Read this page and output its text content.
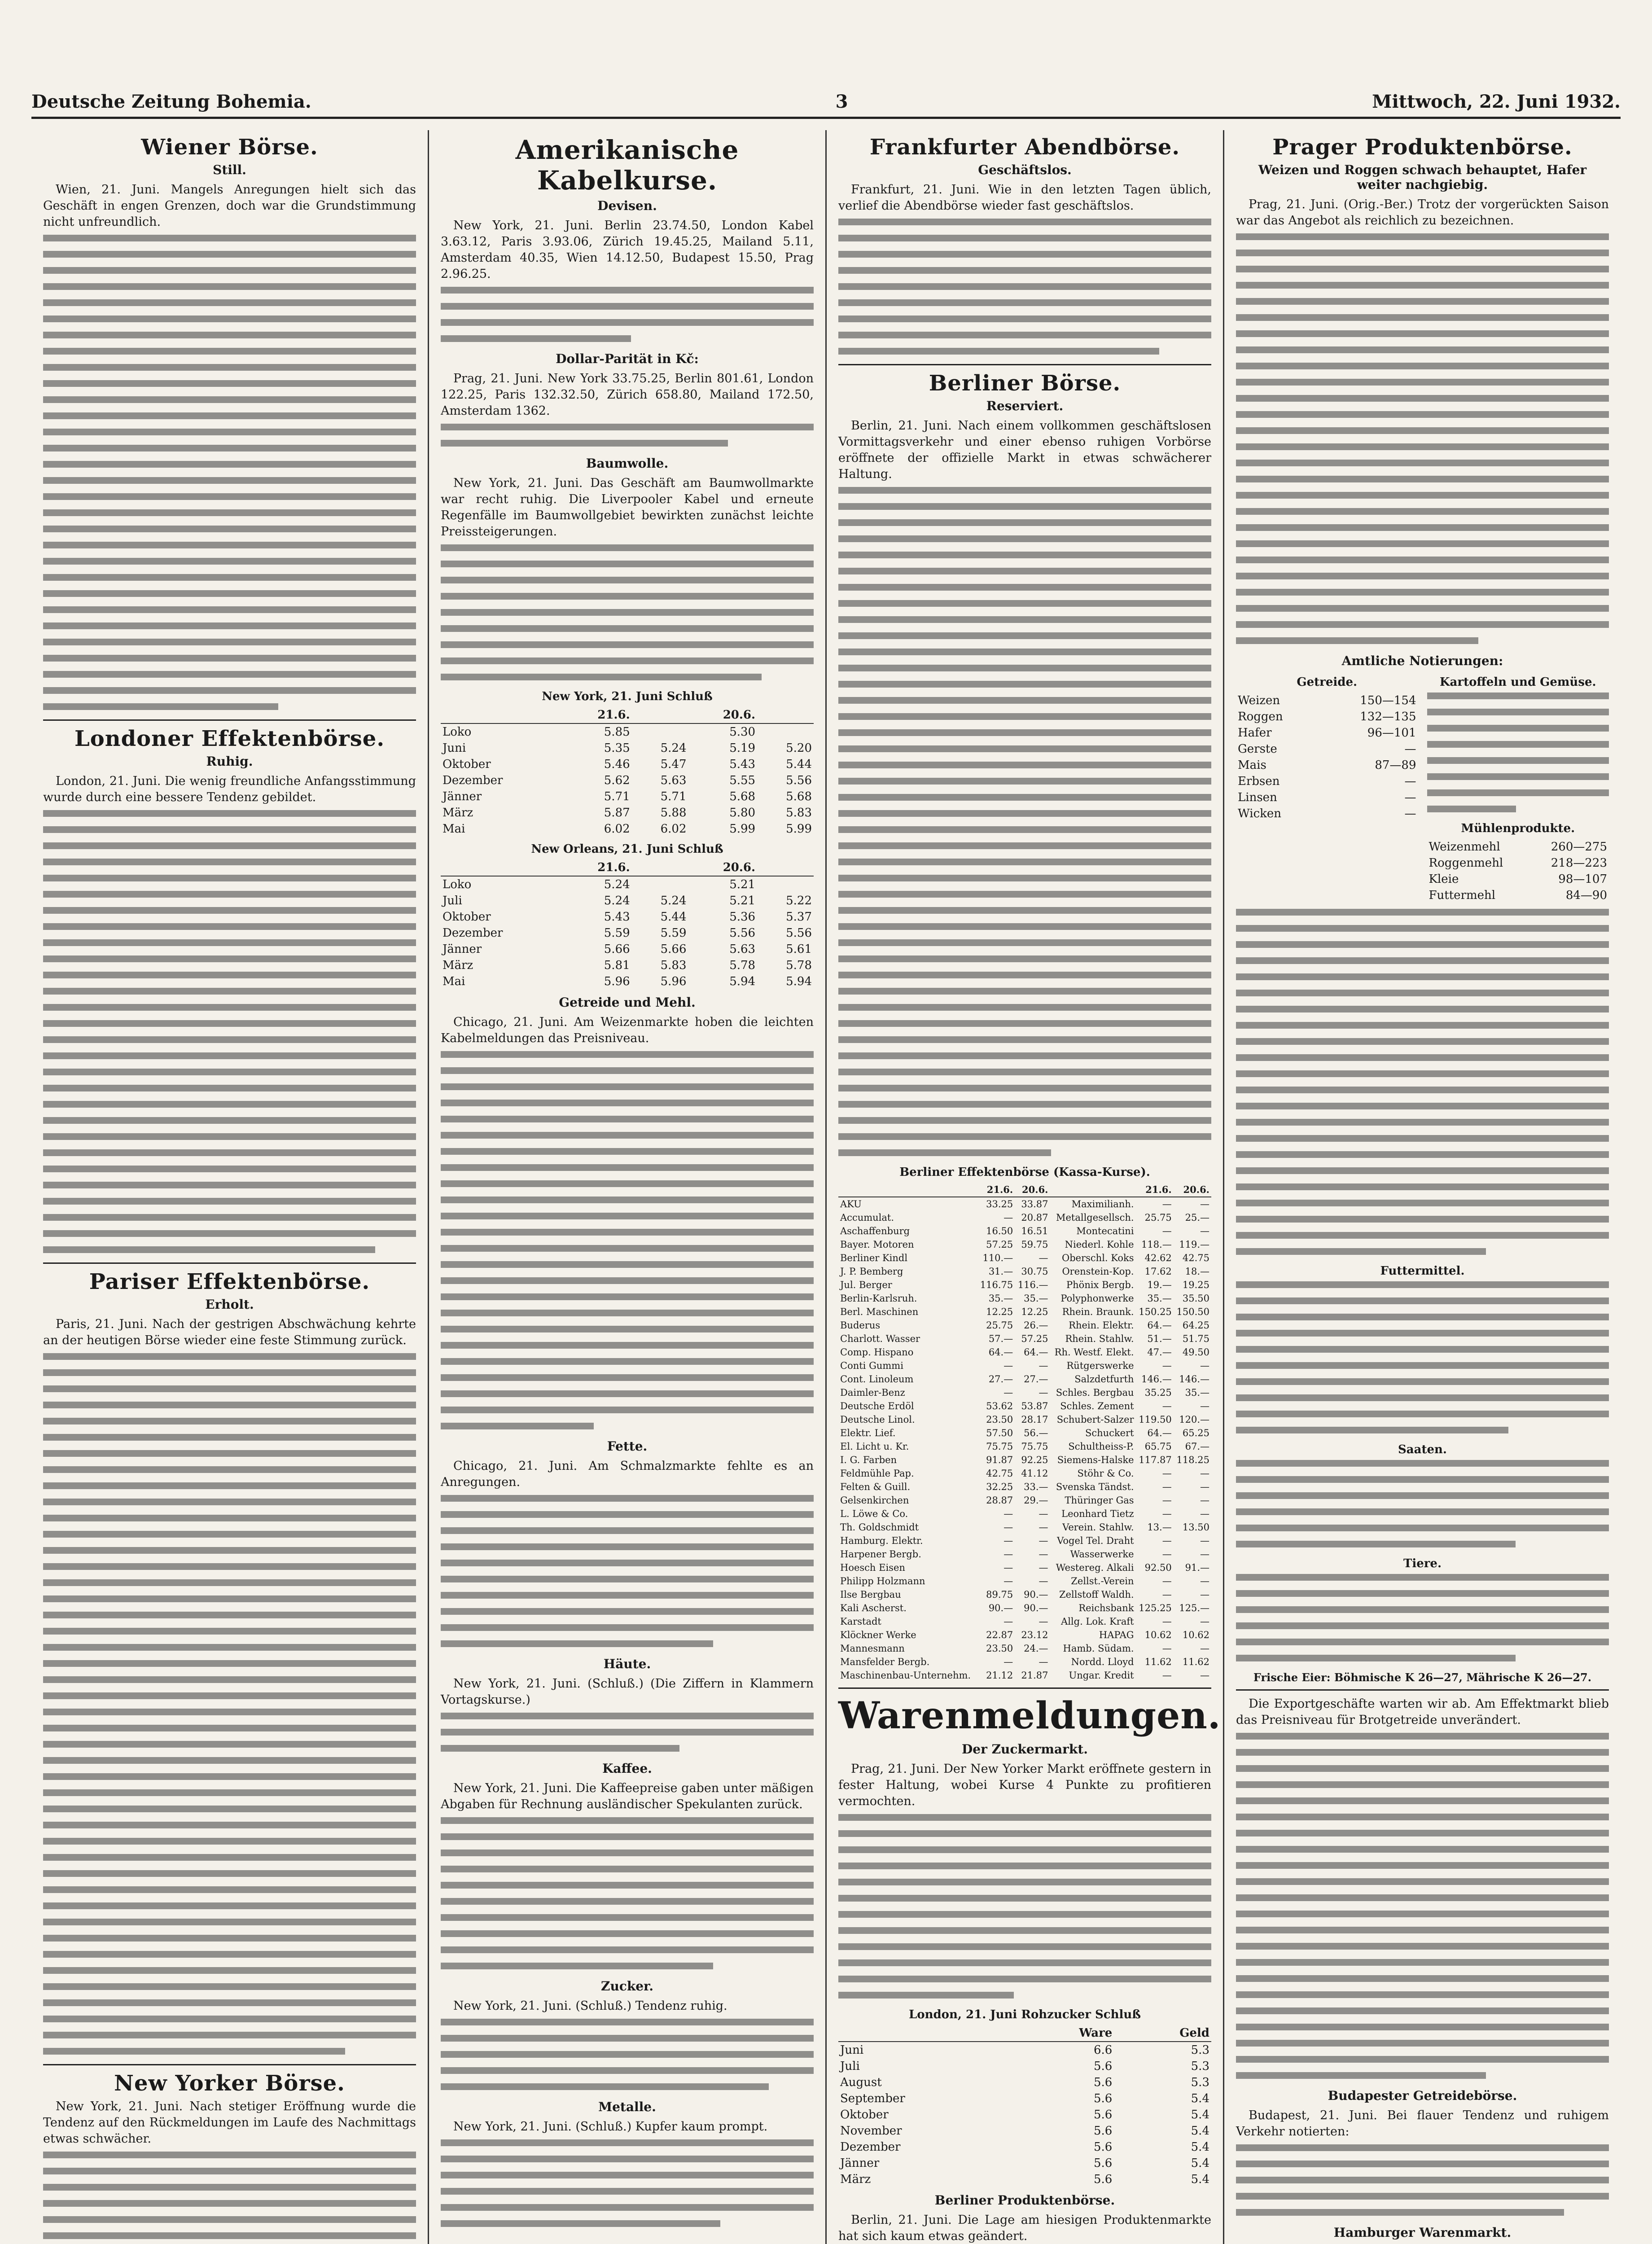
Deutsche Zeitung Bohemia.	3	Mittwoch, 22. Juni 1932.
Wiener Börse.
Still.

Wien, 21. Juni. Mangels Anregungen hielt sich das Geschäft in engen Grenzen, doch war die Grundstimmung nicht unfreundlich.

Londoner Effektenbörse.
Ruhig.

London, 21. Juni. Die wenig freundliche Anfangsstimmung wurde durch eine bessere Tendenz gebildet.

Pariser Effektenbörse.
Erholt.

Paris, 21. Juni. Nach der gestrigen Abschwächung kehrte an der heutigen Börse wieder eine feste Stimmung zurück.

New Yorker Börse.

New York, 21. Juni. Nach stetiger Eröffnung wurde die Tendenz auf den Rückmeldungen im Laufe des Nachmittags etwas schwächer.

Amerikanische Kabelkurse.
Devisen.

New York, 21. Juni. Berlin 23.74.50, London Kabel 3.63.12, Paris 3.93.06, Zürich 19.45.25, Mailand 5.11, Amsterdam 40.35, Wien 14.12.50, Budapest 15.50, Prag 2.96.25.

Dollar-Parität in Kč:

Prag, 21. Juni. New York 33.75.25, Berlin 801.61, London 122.25, Paris 132.32.50, Zürich 658.80, Mailand 172.50, Amsterdam 1362.

Baumwolle.

New York, 21. Juni. Das Geschäft am Baumwollmarkte war recht ruhig. Die Liverpooler Kabel und erneute Regenfälle im Baumwollgebiet bewirkten zunächst leichte Preissteigerungen.

New York, 21. Juni Schluß
	21.6.		20.6.	
Loko	5.85		5.30	
Juni	5.35	5.24	5.19	5.20
Oktober	5.46	5.47	5.43	5.44
Dezember	5.62	5.63	5.55	5.56
Jänner	5.71	5.71	5.68	5.68
März	5.87	5.88	5.80	5.83
Mai	6.02	6.02	5.99	5.99
New Orleans, 21. Juni Schluß
	21.6.		20.6.	
Loko	5.24		5.21	
Juli	5.24	5.24	5.21	5.22
Oktober	5.43	5.44	5.36	5.37
Dezember	5.59	5.59	5.56	5.56
Jänner	5.66	5.66	5.63	5.61
März	5.81	5.83	5.78	5.78
Mai	5.96	5.96	5.94	5.94
Getreide und Mehl.

Chicago, 21. Juni. Am Weizenmarkte hoben die leichten Kabelmeldungen das Preisniveau.

Fette.

Chicago, 21. Juni. Am Schmalzmarkte fehlte es an Anregungen.

Häute.

New York, 21. Juni. (Schluß.) (Die Ziffern in Klammern Vortagskurse.)

Kaffee.

New York, 21. Juni. Die Kaffeepreise gaben unter mäßigen Abgaben für Rechnung ausländischer Spekulanten zurück.

Zucker.

New York, 21. Juni. (Schluß.) Tendenz ruhig.

Metalle.

New York, 21. Juni. (Schluß.) Kupfer kaum prompt.

Frankfurter Abendbörse.
Geschäftslos.

Frankfurt, 21. Juni. Wie in den letzten Tagen üblich, verlief die Abendbörse wieder fast geschäftslos.

Berliner Börse.
Reserviert.

Berlin, 21. Juni. Nach einem vollkommen geschäftslosen Vormittagsverkehr und einer ebenso ruhigen Vorbörse eröffnete der offizielle Markt in etwas schwächerer Haltung.

Berliner Effektenbörse (Kassa-Kurse).
	21.6.	20.6.		21.6.	20.6.
AKU	33.25	33.87	Maximilianh.	—	—
Accumulat.	—	20.87	Metallgesellsch.	25.75	25.—
Aschaffenburg	16.50	16.51	Montecatini	—	—
Bayer. Motoren	57.25	59.75	Niederl. Kohle	118.—	119.—
Berliner Kindl	110.—	—	Oberschl. Koks	42.62	42.75
J. P. Bemberg	31.—	30.75	Orenstein-Kop.	17.62	18.—
Jul. Berger	116.75	116.—	Phönix Bergb.	19.—	19.25
Berlin-Karlsruh.	35.—	35.—	Polyphonwerke	35.—	35.50
Berl. Maschinen	12.25	12.25	Rhein. Braunk.	150.25	150.50
Buderus	25.75	26.—	Rhein. Elektr.	64.—	64.25
Charlott. Wasser	57.—	57.25	Rhein. Stahlw.	51.—	51.75
Comp. Hispano	64.—	64.—	Rh. Westf. Elekt.	47.—	49.50
Conti Gummi	—	—	Rütgerswerke	—	—
Cont. Linoleum	27.—	27.—	Salzdetfurth	146.—	146.—
Daimler-Benz	—	—	Schles. Bergbau	35.25	35.—
Deutsche Erdöl	53.62	53.87	Schles. Zement	—	—
Deutsche Linol.	23.50	28.17	Schubert-Salzer	119.50	120.—
Elektr. Lief.	57.50	56.—	Schuckert	64.—	65.25
El. Licht u. Kr.	75.75	75.75	Schultheiss-P.	65.75	67.—
I. G. Farben	91.87	92.25	Siemens-Halske	117.87	118.25
Feldmühle Pap.	42.75	41.12	Stöhr & Co.	—	—
Felten & Guill.	32.25	33.—	Svenska Tändst.	—	—
Gelsenkirchen	28.87	29.—	Thüringer Gas	—	—
L. Löwe & Co.	—	—	Leonhard Tietz	—	—
Th. Goldschmidt	—	—	Verein. Stahlw.	13.—	13.50
Hamburg. Elektr.	—	—	Vogel Tel. Draht	—	—
Harpener Bergb.	—	—	Wasserwerke	—	—
Hoesch Eisen	—	—	Westereg. Alkali	92.50	91.—
Philipp Holzmann	—	—	Zellst.-Verein	—	—
Ilse Bergbau	89.75	90.—	Zellstoff Waldh.	—	—
Kali Ascherst.	90.—	90.—	Reichsbank	125.25	125.—
Karstadt	—	—	Allg. Lok. Kraft	—	—
Klöckner Werke	22.87	23.12	HAPAG	10.62	10.62
Mannesmann	23.50	24.—	Hamb. Südam.	—	—
Mansfelder Bergb.	—	—	Nordd. Lloyd	11.62	11.62
Maschinenbau-Unternehm.	21.12	21.87	Ungar. Kredit	—	—
Warenmeldungen.
Der Zuckermarkt.

Prag, 21. Juni. Der New Yorker Markt eröffnete gestern in fester Haltung, wobei Kurse 4 Punkte zu profitieren vermochten.

London, 21. Juni Rohzucker Schluß
	Ware		Geld
Juni	6.6		5.3
Juli	5.6		5.3
August	5.6		5.3
September	5.6		5.4
Oktober	5.6		5.4
November	5.6		5.4
Dezember	5.6		5.4
Jänner	5.6		5.4
März	5.6		5.4
Berliner Produktenbörse.

Berlin, 21. Juni. Die Lage am hiesigen Produktenmarkte hat sich kaum etwas geändert.

Prager Produktenbörse.
Weizen und Roggen schwach behauptet, Hafer weiter nachgiebig.

Prag, 21. Juni. (Orig.-Ber.) Trotz der vorgerückten Saison war das Angebot als reichlich zu bezeichnen.

Amtliche Notierungen:
Getreide.
Weizen	150—154
Roggen	132—135
Hafer	96—101
Gerste	—
Mais	87—89
Erbsen	—
Linsen	—
Wicken	—
Kartoffeln und Gemüse.
Mühlenprodukte.
Weizenmehl	260—275
Roggenmehl	218—223
Kleie	98—107
Futtermehl	84—90
Futtermittel.
Saaten.
Tiere.
Frische Eier: Böhmische K 26—27, Mährische K 26—27.

Die Exportgeschäfte warten wir ab. Am Effektmarkt blieb das Preisniveau für Brotgetreide unverändert.

Budapester Getreidebörse.

Budapest, 21. Juni. Bei flauer Tendenz und ruhigem Verkehr notierten:

Hamburger Warenmarkt.
